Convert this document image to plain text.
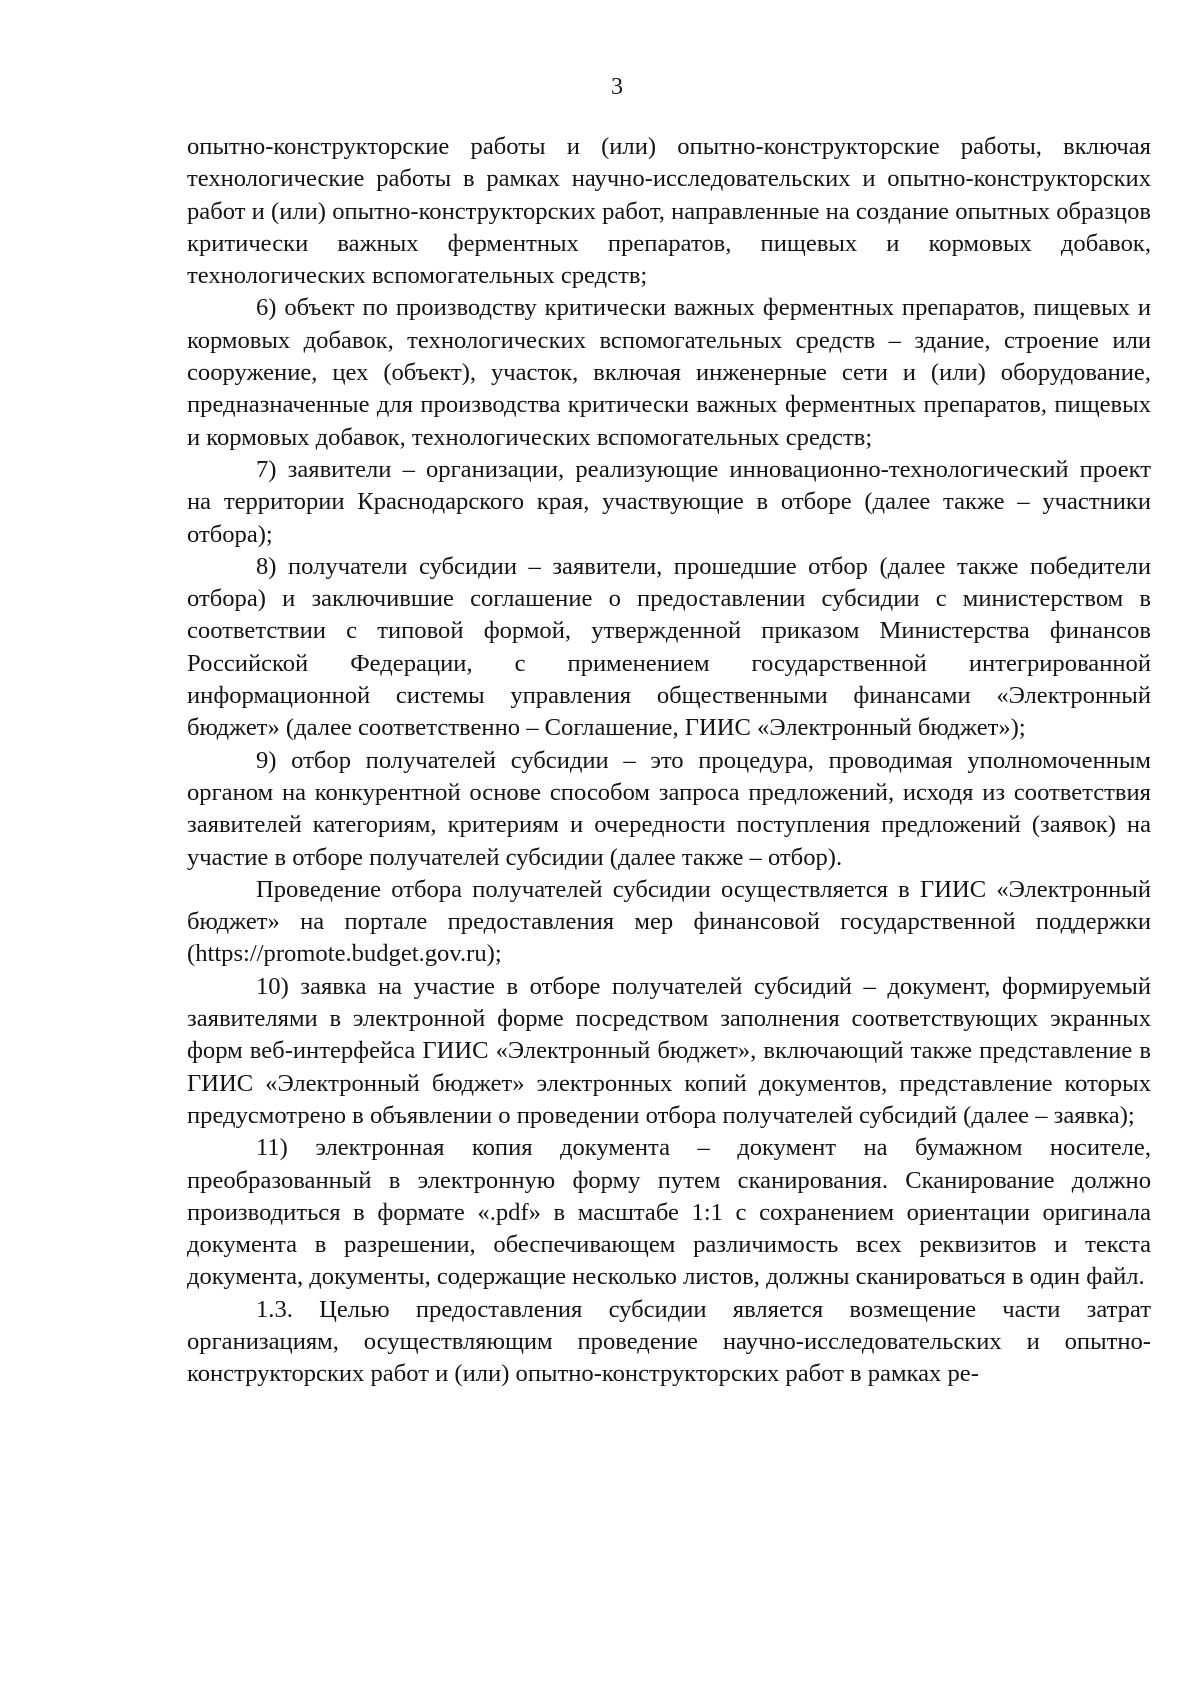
3

опытно-конструкторские работы и (или) опытно-конструкторские работы, включая технологические работы в рамках научно-исследовательских и опытно-конструкторских работ и (или) опытно-конструкторских работ, направленные на создание опытных образцов критически важных ферментных препаратов, пищевых и кормовых добавок, технологических вспомогательных средств;

6) объект по производству критически важных ферментных препаратов, пищевых и кормовых добавок, технологических вспомогательных средств – здание, строение или сооружение, цех (объект), участок, включая инженерные сети и (или) оборудование, предназначенные для производства критически важных ферментных препаратов, пищевых и кормовых добавок, технологических вспомогательных средств;

7) заявители – организации, реализующие инновационно-технологический проект на территории Краснодарского края, участвующие в отборе (далее также – участники отбора);

8) получатели субсидии – заявители, прошедшие отбор (далее также победители отбора) и заключившие соглашение о предоставлении субсидии с министерством в соответствии с типовой формой, утвержденной приказом Министерства финансов Российской Федерации, с применением государственной интегрированной информационной системы управления общественными финансами «Электронный бюджет» (далее соответственно – Соглашение, ГИИС «Электронный бюджет»);

9) отбор получателей субсидии – это процедура, проводимая уполномоченным органом на конкурентной основе способом запроса предложений, исходя из соответствия заявителей категориям, критериям и очередности поступления предложений (заявок) на участие в отборе получателей субсидии (далее также – отбор).

Проведение отбора получателей субсидии осуществляется в ГИИС «Электронный бюджет» на портале предоставления мер финансовой государственной поддержки (https://promote.budget.gov.ru);

10) заявка на участие в отборе получателей субсидий – документ, формируемый заявителями в электронной форме посредством заполнения соответствующих экранных форм веб-интерфейса ГИИС «Электронный бюджет», включающий также представление в ГИИС «Электронный бюджет» электронных копий документов, представление которых предусмотрено в объявлении о проведении отбора получателей субсидий (далее – заявка);

11) электронная копия документа – документ на бумажном носителе, преобразованный в электронную форму путем сканирования. Сканирование должно производиться в формате «.pdf» в масштабе 1:1 с сохранением ориентации оригинала документа в разрешении, обеспечивающем различимость всех реквизитов и текста документа, документы, содержащие несколько листов, должны сканироваться в один файл.

1.3. Целью предоставления субсидии является возмещение части затрат организациям, осуществляющим проведение научно-исследовательских и опытно-конструкторских работ и (или) опытно-конструкторских работ в рамках ре-
